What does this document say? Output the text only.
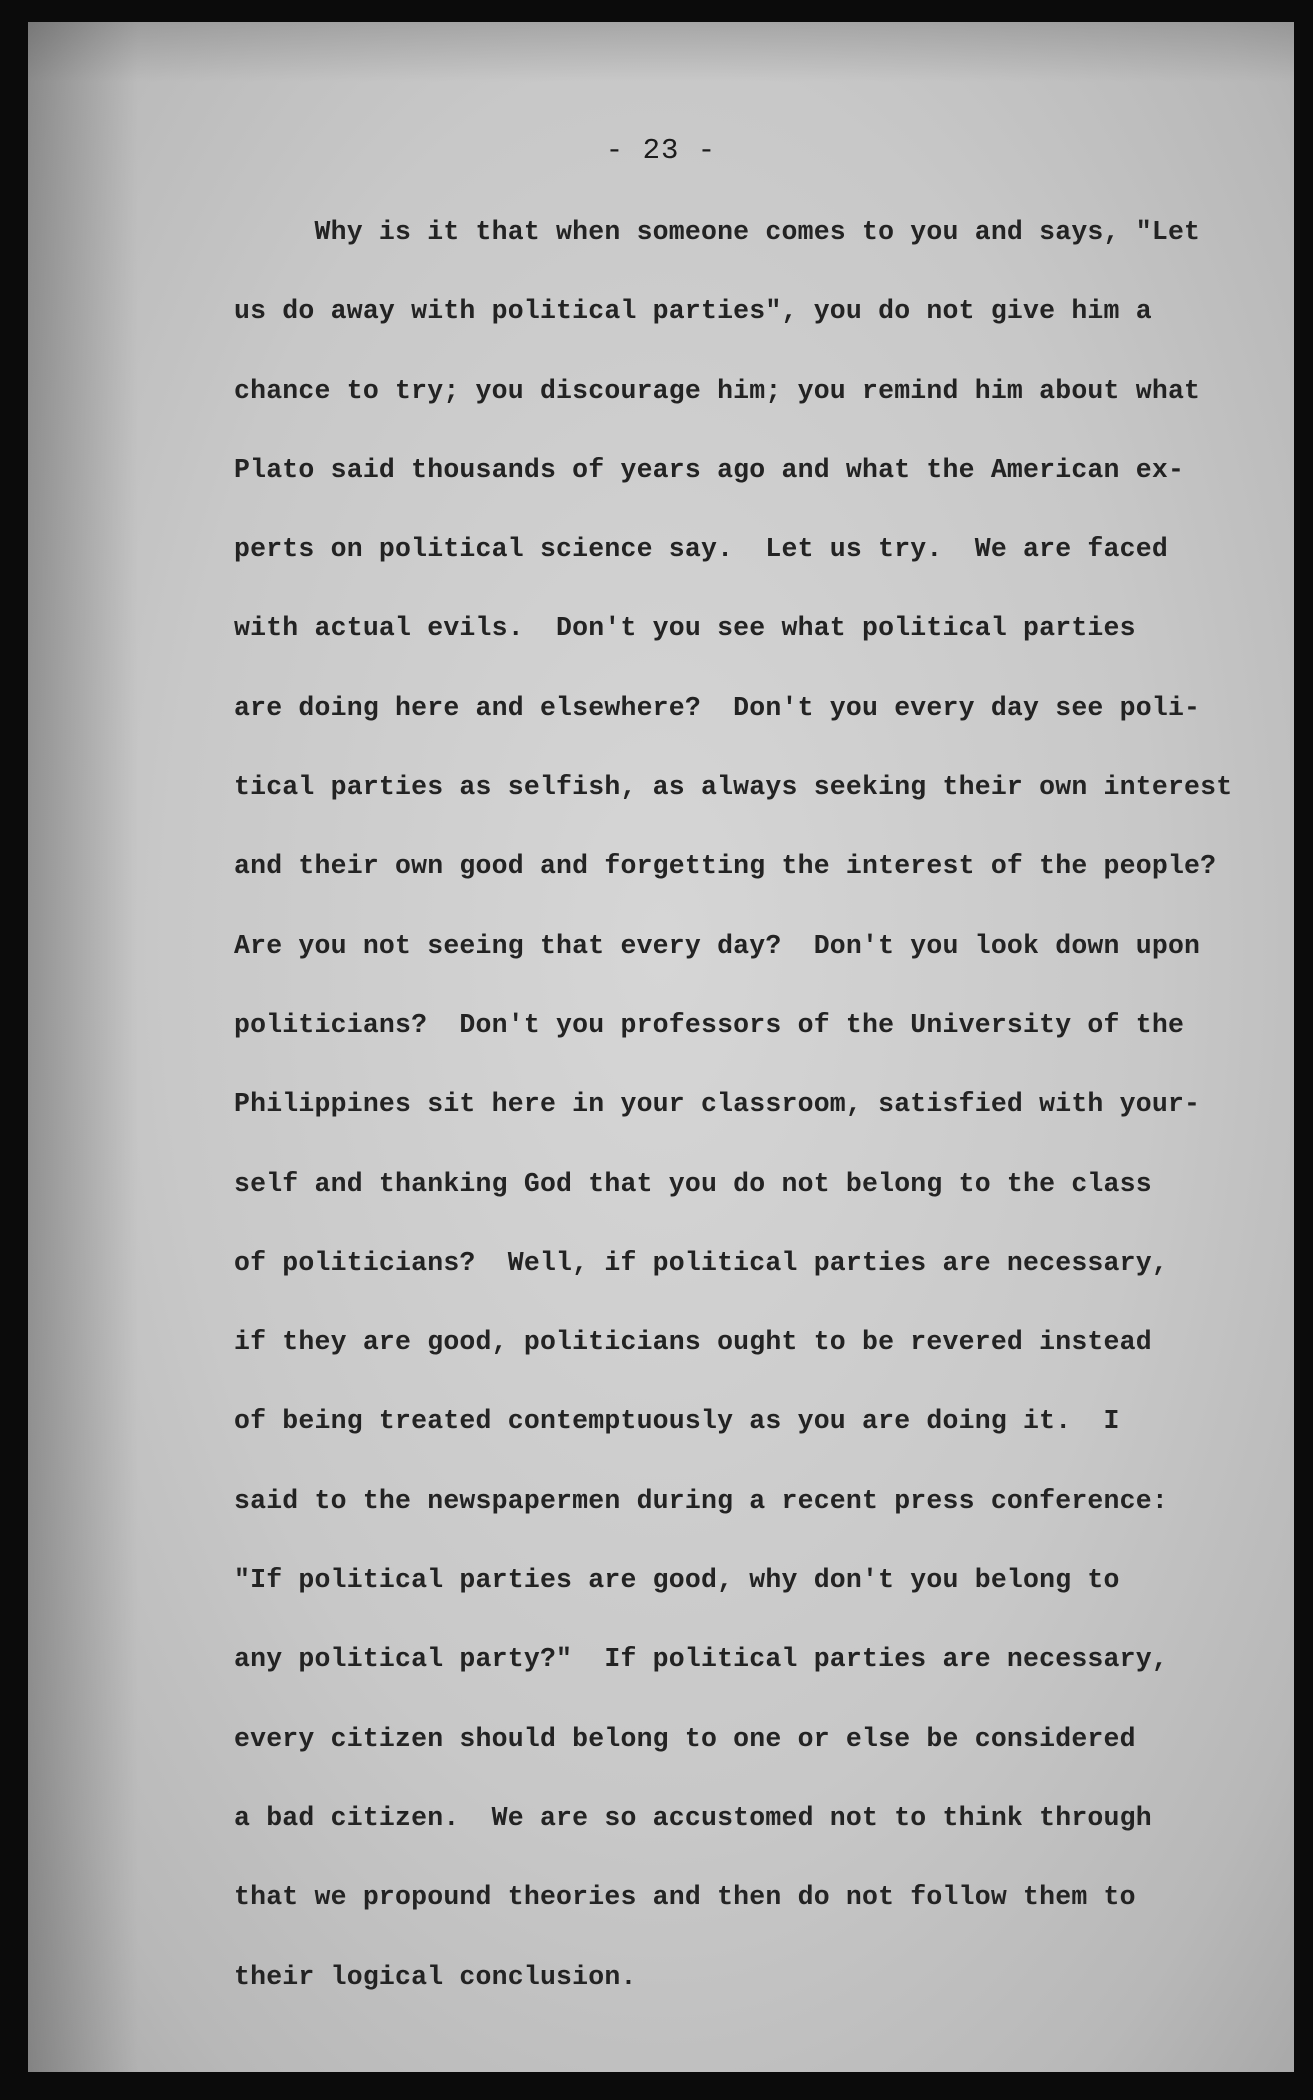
- 23 -
Why is it that when someone comes to you and says, "Let
us do away with political parties", you do not give him a
chance to try; you discourage him; you remind him about what
Plato said thousands of years ago and what the American ex-
perts on political science say.  Let us try.  We are faced
with actual evils.  Don't you see what political parties
are doing here and elsewhere?  Don't you every day see poli-
tical parties as selfish, as always seeking their own interest
and their own good and forgetting the interest of the people?
Are you not seeing that every day?  Don't you look down upon
politicians?  Don't you professors of the University of the
Philippines sit here in your classroom, satisfied with your-
self and thanking God that you do not belong to the class
of politicians?  Well, if political parties are necessary,
if they are good, politicians ought to be revered instead
of being treated contemptuously as you are doing it.  I
said to the newspapermen during a recent press conference:
"If political parties are good, why don't you belong to
any political party?"  If political parties are necessary,
every citizen should belong to one or else be considered
a bad citizen.  We are so accustomed not to think through
that we propound theories and then do not follow them to
their logical conclusion.
